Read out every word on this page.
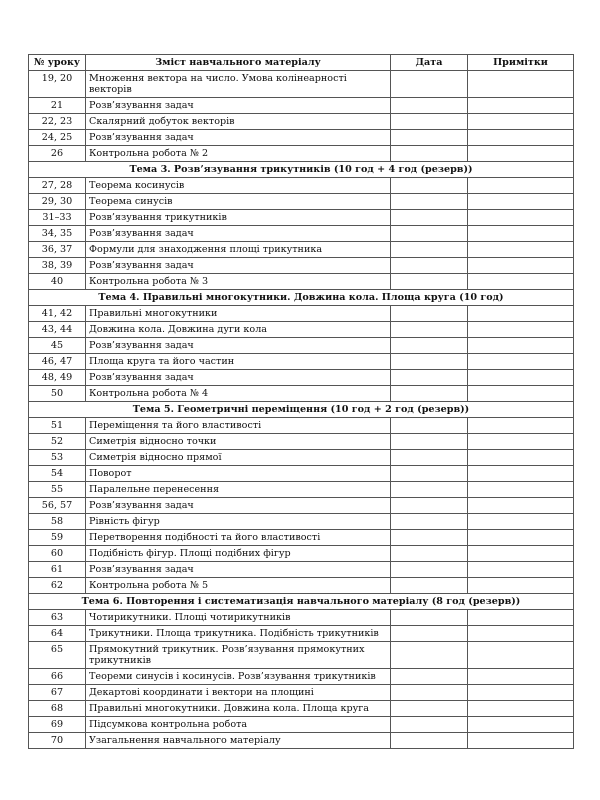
№ уроку	Зміст навчального матеріалу	Дата	Примітки
19, 20	Множення вектора на число. Умова колінеарності векторів		
21	Розв’язування задач		
22, 23	Скалярний добуток векторів		
24, 25	Розв’язування задач		
26	Контрольна робота № 2		
Тема 3. Розв’язування трикутників (10 год + 4 год (резерв))			
27, 28	Теорема косинусів		
29, 30	Теорема синусів		
31–33	Розв’язування трикутників		
34, 35	Розв’язування задач		
36, 37	Формули для знаходження площі трикутника		
38, 39	Розв’язування задач		
40	Контрольна робота № 3		
Тема 4. Правильні многокутники. Довжина кола. Площа круга (10 год)			
41, 42	Правильні многокутники		
43, 44	Довжина кола. Довжина дуги кола		
45	Розв’язування задач		
46, 47	Площа круга та його частин		
48, 49	Розв’язування задач		
50	Контрольна робота № 4		
Тема 5. Геометричні переміщення (10 год + 2 год (резерв))			
51	Переміщення та його властивості		
52	Симетрія відносно точки		
53	Симетрія відносно прямої		
54	Поворот		
55	Паралельне перенесення		
56, 57	Розв’язування задач		
58	Рівність фігур		
59	Перетворення подібності та його властивості		
60	Подібність фігур. Площі подібних фігур		
61	Розв’язування задач		
62	Контрольна робота № 5		
Тема 6. Повторення і систематизація навчального матеріалу (8 год (резерв))			
63	Чотирикутники. Площі чотирикутників		
64	Трикутники. Площа трикутника. Подібність трикутників		
65	Прямокутний трикутник. Розв’язування прямокутних трикутників		
66	Теореми синусів і косинусів. Розв’язування трикутників		
67	Декартові координати і вектори на площині		
68	Правильні многокутники. Довжина кола. Площа круга		
69	Підсумкова контрольна робота		
70	Узагальнення навчального матеріалу		
